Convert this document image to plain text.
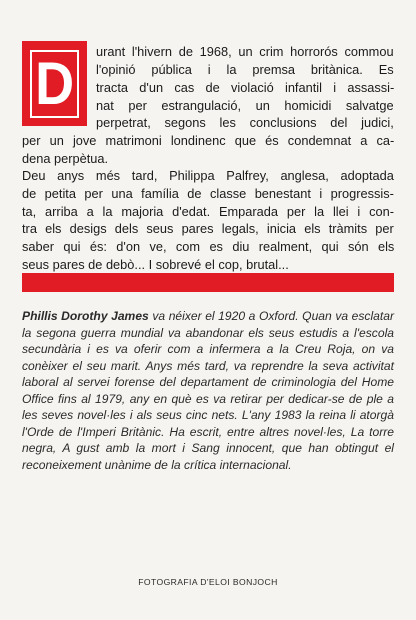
D urant l'hivern de 1968, un crim horrorós commou
l'opinió pública i la premsa britànica. Es
tracta d'un cas de violació infantil i assassi-
nat per estrangulació, un homicidi salvatge
perpetrat, segons les conclusions del judici,
per un jove matrimoni londinenc que és condemnat a ca-
dena perpètua.
Deu anys més tard, Philippa Palfrey, anglesa, adoptada
de petita per una família de classe benestant i progressis-
ta, arriba a la majoria d'edat. Emparada per la llei i con-
tra els desigs dels seus pares legals, inicia els tràmits per
saber qui és: d'on ve, com es diu realment, qui són els
seus pares de debò... I sobrevé el cop, brutal...
Phillis Dorothy James va néixer el 1920 a Oxford. Quan va esclatar la segona guerra mundial va abandonar els seus estudis a l'escola secundària i es va oferir com a infermera a la Creu Roja, on va conèixer el seu marit. Anys més tard, va reprendre la seva activitat laboral al servei forense del departament de criminologia del Home Office fins al 1979, any en què es va retirar per dedicar-se de ple a les seves novel·les i als seus cinc nets. L'any 1983 la reina li atorgà l'Orde de l'Imperi Britànic. Ha escrit, entre altres novel·les, La torre negra, A gust amb la mort i Sang innocent, que han obtingut el reconeixement unànime de la crítica internacional.
FOTOGRAFIA D'ELOI BONJOCH
